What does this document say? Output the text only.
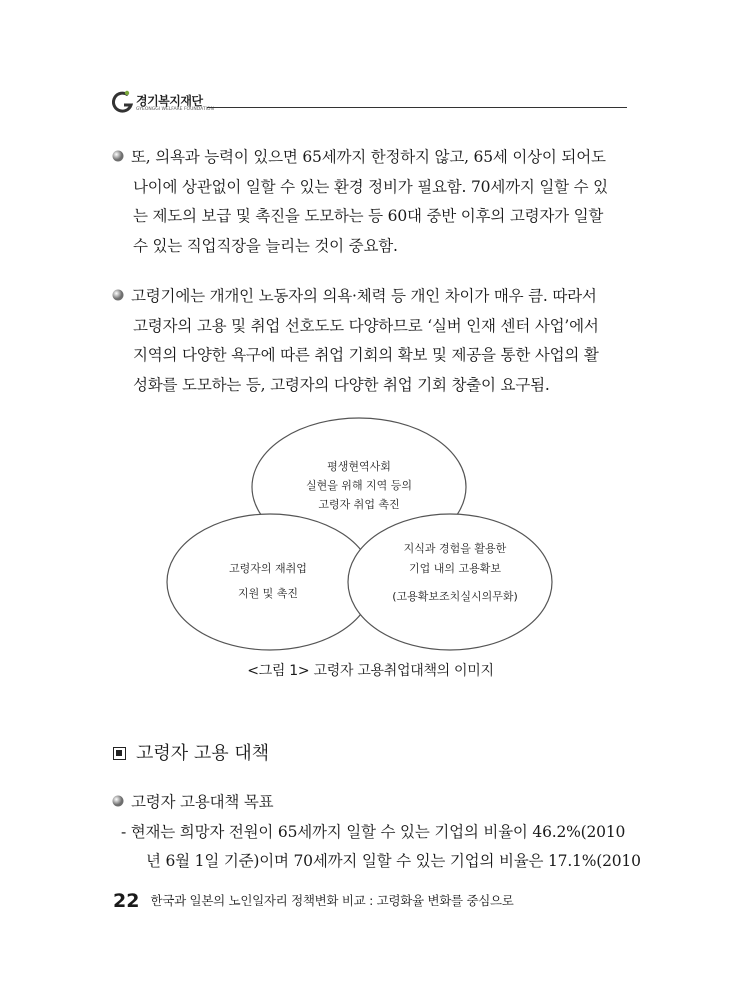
경기복지재단
GYEONGGI WELFARE FOUNDATION
또, 의욕과 능력이 있으면 65세까지 한정하지 않고, 65세 이상이 되어도
나이에 상관없이 일할 수 있는 환경 정비가 필요함. 70세까지 일할 수 있
는 제도의 보급 및 촉진을 도모하는 등 60대 중반 이후의 고령자가 일할
수 있는 직업직장을 늘리는 것이 중요함.
고령기에는 개개인 노동자의 의욕·체력 등 개인 차이가 매우 큼. 따라서
고령자의 고용 및 취업 선호도도 다양하므로 ‘실버 인재 센터 사업’에서
지역의 다양한 욕구에 따른 취업 기회의 확보 및 제공을 통한 사업의 활
성화를 도모하는 등, 고령자의 다양한 취업 기회 창출이 요구됨.
평생현역사회
실현을 위해 지역 등의
고령자 취업 촉진
고령자의 재취업
지원 및 촉진
지식과 경험을 활용한
기업 내의 고용확보
(고용확보조치실시의무화)
<그림 1> 고령자 고용취업대책의 이미지
고령자 고용 대책
고령자 고용대책 목표
- 현재는 희망자 전원이 65세까지 일할 수 있는 기업의 비율이 46.2%(2010
년 6월 1일 기준)이며 70세까지 일할 수 있는 기업의 비율은 17.1%(2010
22 한국과 일본의 노인일자리 정책변화 비교 : 고령화율 변화를 중심으로
